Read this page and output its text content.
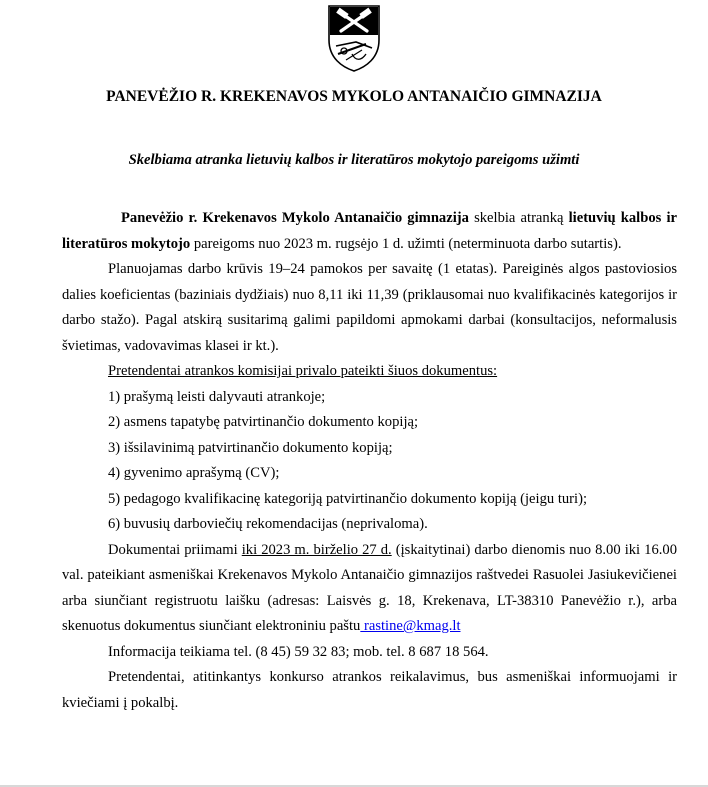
PANEVĖŽIO R. KREKENAVOS MYKOLO ANTANAIČIO GIMNAZIJA
Skelbiama atranka lietuvių kalbos ir literatūros mokytojo pareigoms užimti

Panevėžio r. Krekenavos Mykolo Antanaičio gimnazija skelbia atranką lietuvių kalbos ir literatūros mokytojo pareigoms nuo 2023 m. rugsėjo 1 d. užimti (neterminuota darbo sutartis).

Planuojamas darbo krūvis 19–24 pamokos per savaitę (1 etatas). Pareiginės algos pastoviosios dalies koeficientas (baziniais dydžiais) nuo 8,11 iki 11,39 (priklausomai nuo kvalifikacinės kategorijos ir darbo stažo). Pagal atskirą susitarimą galimi papildomi apmokami darbai (konsultacijos, neformalusis švietimas, vadovavimas klasei ir kt.).

Pretendentai atrankos komisijai privalo pateikti šiuos dokumentus:

1) prašymą leisti dalyvauti atrankoje;

2) asmens tapatybę patvirtinančio dokumento kopiją;

3) išsilavinimą patvirtinančio dokumento kopiją;

4) gyvenimo aprašymą (CV);

5) pedagogo kvalifikacinę kategoriją patvirtinančio dokumento kopiją (jeigu turi);

6) buvusių darboviečių rekomendacijas (neprivaloma).

Dokumentai priimami iki 2023 m. birželio 27 d. (įskaitytinai) darbo dienomis nuo 8.00 iki 16.00 val. pateikiant asmeniškai Krekenavos Mykolo Antanaičio gimnazijos raštvedei Rasuolei Jasiukevičienei arba siunčiant registruotu laišku (adresas: Laisvės g. 18, Krekenava, LT-38310 Panevėžio r.), arba skenuotus dokumentus siunčiant elektroniniu paštu rastine@kmag.lt

Informacija teikiama tel. (8 45) 59 32 83; mob. tel. 8 687 18 564.

Pretendentai, atitinkantys konkurso atrankos reikalavimus, bus asmeniškai informuojami ir kviečiami į pokalbį.
